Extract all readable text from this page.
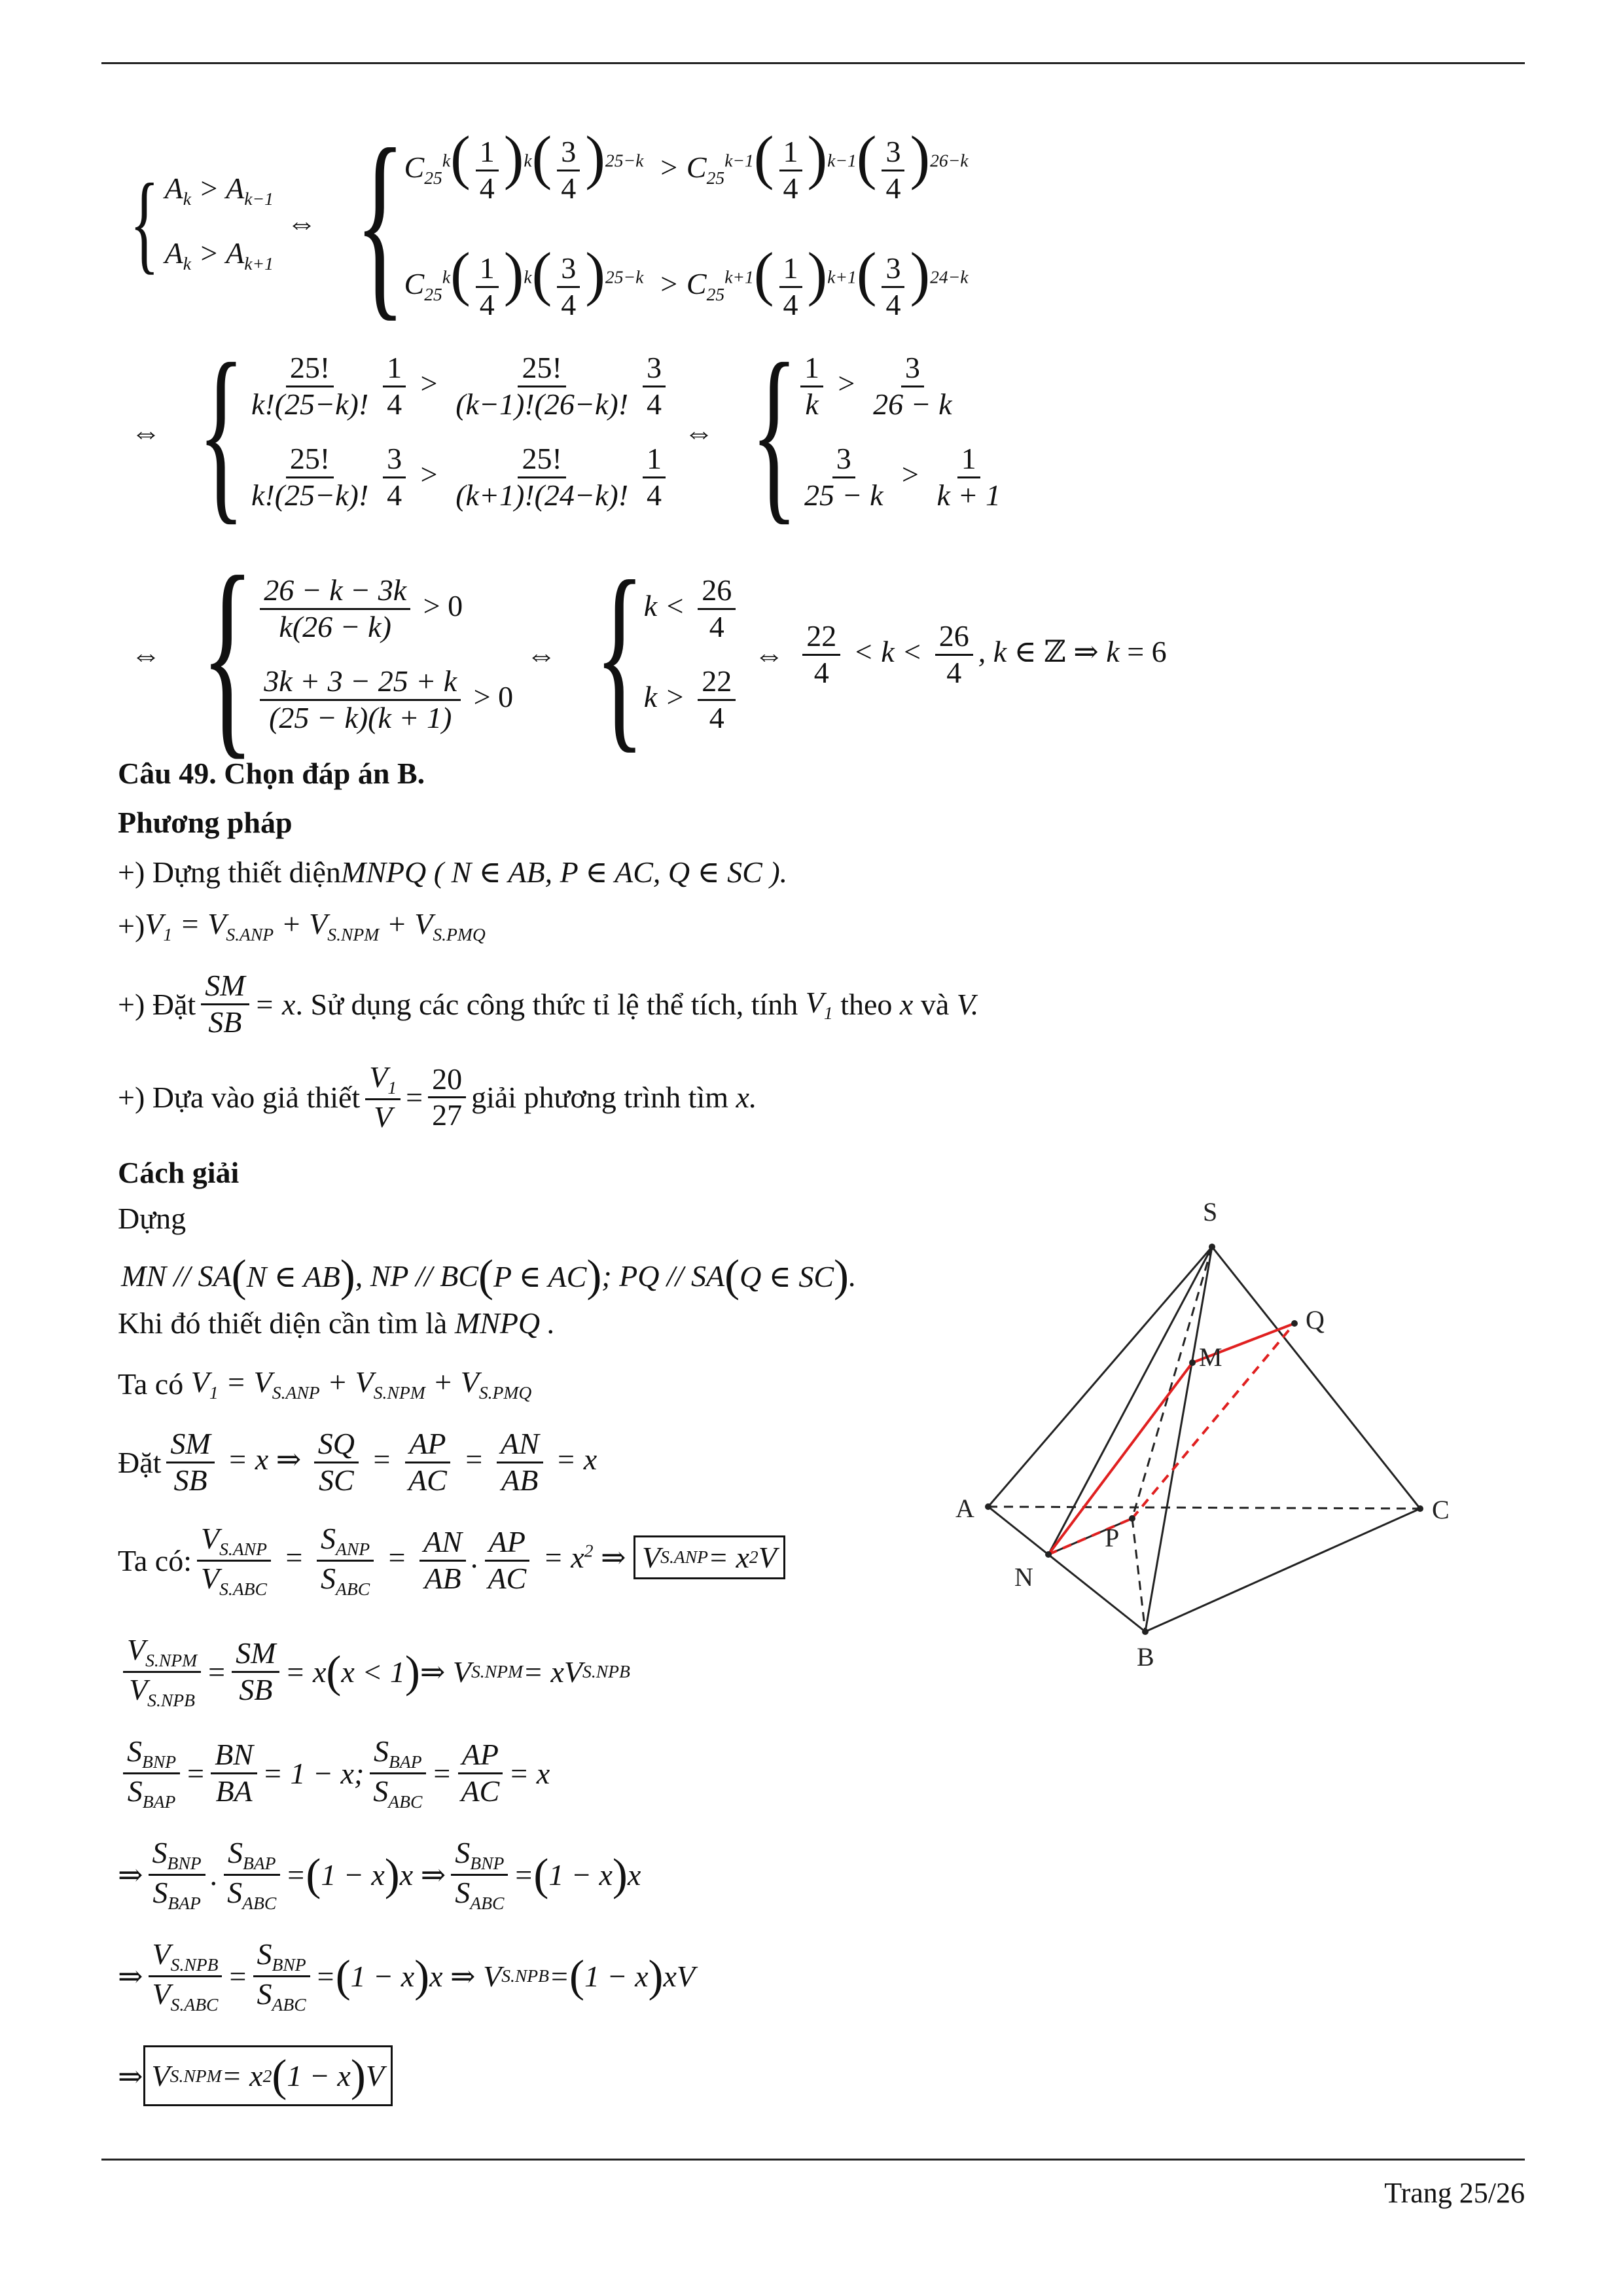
{ $A_k > A_{k-1}$
$A_k > A_{k+1}$
⇔ {
$C_{25}^k( \frac{1}{4} )^k( \frac{3}{4} )^{25-k} > C_{25}^{k-1}( \frac{1}{4} )^{k-1}( \frac{3}{4} )^{26-k}$
$C_{25}^k( \frac{1}{4} )^k( \frac{3}{4} )^{25-k} > C_{25}^{k+1}( \frac{1}{4} )^{k+1}( \frac{3}{4} )^{24-k}$
⇔ { $\frac{25!}{k!(25-k)!} \frac{1}{4} > \frac{25!}{(k-1)!(26-k)!} \frac{3}{4}$
$\frac{25!}{k!(25-k)!} \frac{3}{4} > \frac{25!}{(k+1)!(24-k)!} \frac{1}{4}$
⇔ { $\frac{1}{k} > \frac{3}{26 - k}$
$\frac{3}{25 - k} > \frac{1}{k + 1}$
⇔ { $\frac{26 - k - 3k}{k(26 - k)} > 0$
$\frac{3k + 3 - 25 + k}{(25 - k)(k + 1)} > 0$
⇔ {
$k < \frac{26}{4}$
$k > \frac{22}{4}$
⇔ $\frac{22}{4} < k < \frac{26}{4}$ , k ∈ ℤ ⇒ k = 6
Câu 49. Chọn đáp án B.
Phương pháp
+) Dựng thiết diện MNPQ ( N ∈ AB, P ∈ AC, Q ∈ SC ).
+) $V_1 = V_{S.ANP} + V_{S.NPM} + V_{S.PMQ}$
+) Đặt $\frac{SM}{SB} = x$ . Sử dụng các công thức tỉ lệ thể tích, tính
$V_1$
theo
x
và
V.
+) Dựa vào giả thiết $\frac{V_1}{V} = \frac{20}{27}$ giải phương trình tìm
x.
Cách giải
Dựng
MN // SA ( N ∈ AB ) , NP // BC ( P ∈ AC ) ; PQ // SA ( Q ∈ SC ) .
Khi đó thiết diện cần tìm là
MNPQ .
Ta có
$V_1 = V_{S.ANP} + V_{S.NPM} + V_{S.PMQ}$
Đặt $\frac{SM}{SB} = x$ ⇒ $\frac{SQ}{SC} = \frac{AP}{AC} = \frac{AN}{AB} = x$
Ta có: $\frac{V_{S.ANP}}{V_{S.ABC}} = \frac{S_{ANP}}{S_{ABC}} = \frac{AN}{AB}$ . $\frac{AP}{AC} = x^2$ ⇒ V S.ANP = x 2 V
$\frac{V_{S.NPM}}{V_{S.NPB}} = \frac{SM}{SB} = x$ ( x < 1 ) ⇒ V S.NPM = xV S.NPB
$\frac{S_{BNP}}{S_{BAP}} = \frac{BN}{BA} = 1 - x$; $\frac{S_{BAP}}{S_{ABC}} = \frac{AP}{AC} = x$
⇒ $\frac{S_{BNP}}{S_{BAP}}$ . $\frac{S_{BAP}}{S_{ABC}}$ = ( 1 − x ) x ⇒ $\frac{S_{BNP}}{S_{ABC}}$ = ( 1 − x ) x
⇒ $\frac{V_{S.NPB}}{V_{S.ABC}} = \frac{S_{BNP}}{S_{ABC}}$ = ( 1 − x ) x ⇒ V S.NPB = ( 1 − x ) xV
⇒ V S.NPM = x 2 ( 1 − x ) V
S
Q
M
A	C
P
N
B
Trang 25/26
